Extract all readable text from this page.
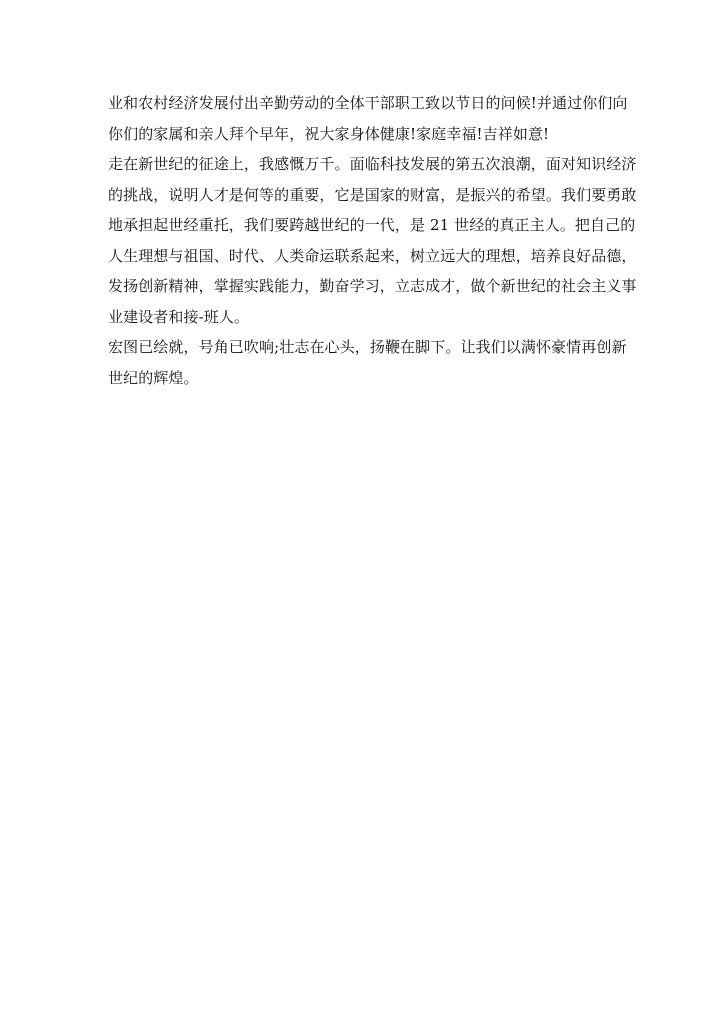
业和农村经济发展付出辛勤劳动的全体干部职工致以节日的问候!并通过你们向
你们的家属和亲人拜个早年，祝大家身体健康!家庭幸福!吉祥如意!
走在新世纪的征途上，我感慨万千。面临科技发展的第五次浪潮，面对知识经济
的挑战，说明人才是何等的重要，它是国家的财富，是振兴的希望。我们要勇敢
地承担起世经重托，我们要跨越世纪的一代，是 21 世经的真正主人。把自己的
人生理想与祖国、时代、人类命运联系起来，树立远大的理想，培养良好品德，
发扬创新精神，掌握实践能力，勤奋学习，立志成才，做个新世纪的社会主义事
业建设者和接-班人。
宏图已绘就，号角已吹响;壮志在心头，扬鞭在脚下。让我们以满怀豪情再创新
世纪的辉煌。
